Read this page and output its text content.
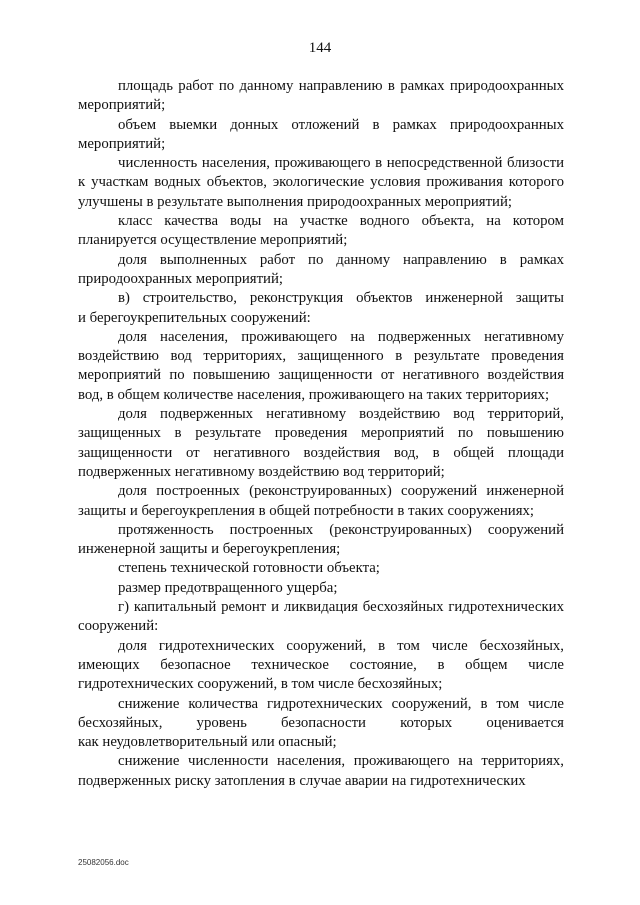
144

площадь работ по данному направлению в рамках природоохранных
мероприятий;

объем выемки донных отложений в рамках природоохранных
мероприятий;

численность населения, проживающего в непосредственной близости
к участкам водных объектов, экологические условия проживания которого
улучшены в результате выполнения природоохранных мероприятий;

класс качества воды на участке водного объекта, на котором
планируется осуществление мероприятий;

доля выполненных работ по данному направлению в рамках
природоохранных мероприятий;

в) строительство, реконструкция объектов инженерной защиты
и берегоукрепительных сооружений:

доля населения, проживающего на подверженных негативному
воздействию вод территориях, защищенного в результате проведения
мероприятий по повышению защищенности от негативного воздействия
вод, в общем количестве населения, проживающего на таких территориях;

доля подверженных негативному воздействию вод территорий,
защищенных в результате проведения мероприятий по повышению
защищенности от негативного воздействия вод, в общей площади
подверженных негативному воздействию вод территорий;

доля построенных (реконструированных) сооружений инженерной
защиты и берегоукрепления в общей потребности в таких сооружениях;

протяженность построенных (реконструированных) сооружений
инженерной защиты и берегоукрепления;

степень технической готовности объекта;

размер предотвращенного ущерба;

г) капитальный ремонт и ликвидация бесхозяйных гидротехнических
сооружений:

доля гидротехнических сооружений, в том числе бесхозяйных,
имеющих безопасное техническое состояние, в общем числе
гидротехнических сооружений, в том числе бесхозяйных;

снижение количества гидротехнических сооружений, в том числе
бесхозяйных, уровень безопасности которых оценивается
как неудовлетворительный или опасный;

снижение численности населения, проживающего на территориях,
подверженных риску затопления в случае аварии на гидротехнических

25082056.doc
